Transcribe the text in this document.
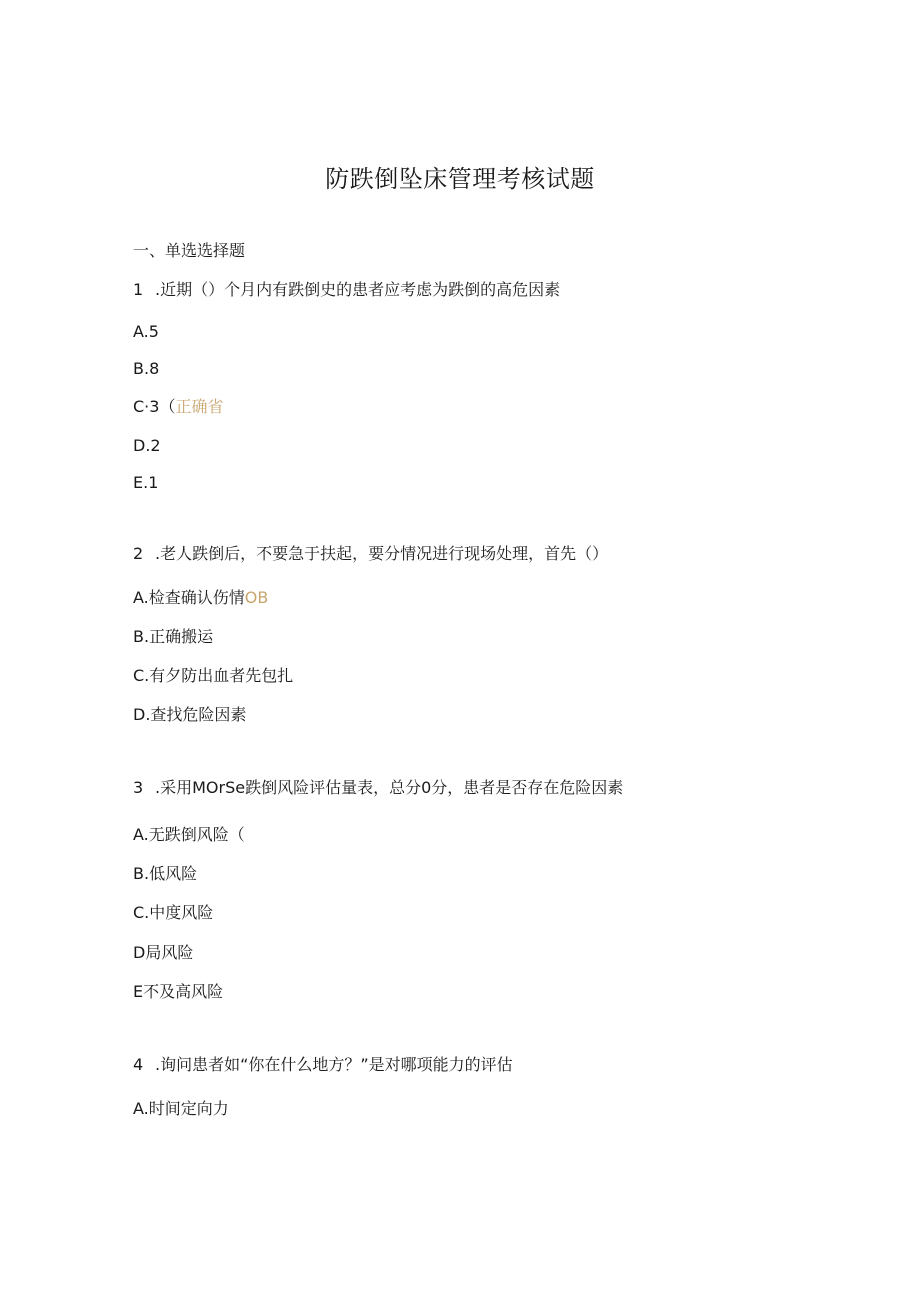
防跌倒坠床管理考核试题
一、单选选择题
1 .近期（）个月内有跌倒史的患者应考虑为跌倒的高危因素
A.5
B.8
C·3（正确省
D.2
E.1
2 .老人跌倒后，不要急于扶起，要分情况进行现场处理，首先（）
A.检查确认伤情OB
B.正确搬运
C.有夕防出血者先包扎
D.查找危险因素
3 .采用MOrSe跌倒风险评估量表，总分0分，患者是否存在危险因素
A.无跌倒风险（
B.低风险
C.中度风险
D局风险
E不及高风险
4 .询问患者如“你在什么地方？”是对哪项能力的评估
A.时间定向力
